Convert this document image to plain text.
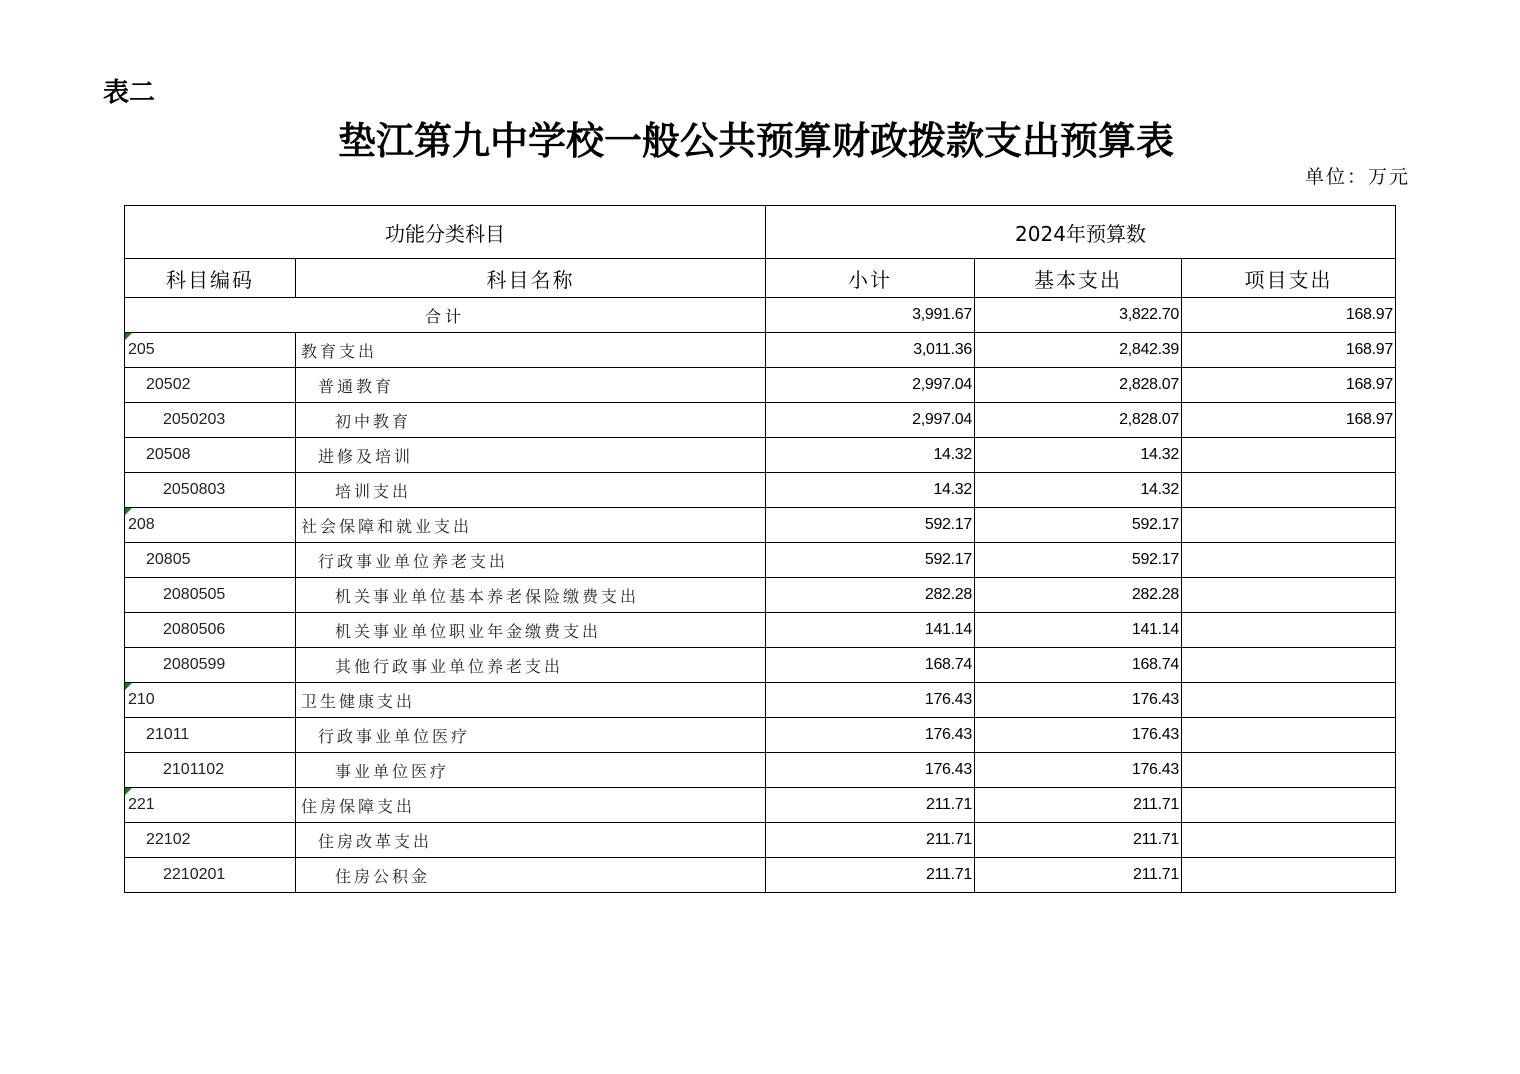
表二
垫江第九中学校一般公共预算财政拨款支出预算表
单位：万元
功能分类科目		2024年预算数		
科目编码	科目名称	小计	基本支出	项目支出
合计		3,991.67	3,822.70	168.97

205	教育支出	3,011.36	2,842.39	168.97
20502	普通教育	2,997.04	2,828.07	168.97
2050203	初中教育	2,997.04	2,828.07	168.97
20508	进修及培训	14.32	14.32	
2050803	培训支出	14.32	14.32	

208	社会保障和就业支出	592.17	592.17	
20805	行政事业单位养老支出	592.17	592.17	
2080505	机关事业单位基本养老保险缴费支出	282.28	282.28	
2080506	机关事业单位职业年金缴费支出	141.14	141.14	
2080599	其他行政事业单位养老支出	168.74	168.74	

210	卫生健康支出	176.43	176.43	
21011	行政事业单位医疗	176.43	176.43	
2101102	事业单位医疗	176.43	176.43	

221	住房保障支出	211.71	211.71	
22102	住房改革支出	211.71	211.71	
2210201	住房公积金	211.71	211.71	
